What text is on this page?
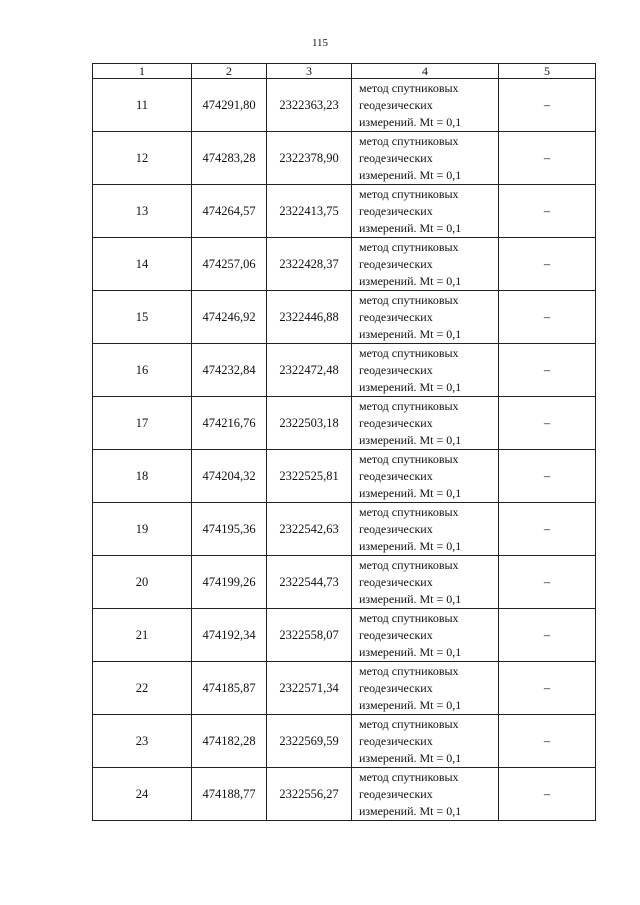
115
1	2	3	4	5
11	474291,80	2322363,23	метод спутниковых
геодезических
измерений. Mt = 0,1	–
12	474283,28	2322378,90	метод спутниковых
геодезических
измерений. Mt = 0,1	–
13	474264,57	2322413,75	метод спутниковых
геодезических
измерений. Mt = 0,1	–
14	474257,06	2322428,37	метод спутниковых
геодезических
измерений. Mt = 0,1	–
15	474246,92	2322446,88	метод спутниковых
геодезических
измерений. Mt = 0,1	–
16	474232,84	2322472,48	метод спутниковых
геодезических
измерений. Mt = 0,1	–
17	474216,76	2322503,18	метод спутниковых
геодезических
измерений. Mt = 0,1	–
18	474204,32	2322525,81	метод спутниковых
геодезических
измерений. Mt = 0,1	–
19	474195,36	2322542,63	метод спутниковых
геодезических
измерений. Mt = 0,1	–
20	474199,26	2322544,73	метод спутниковых
геодезических
измерений. Mt = 0,1	–
21	474192,34	2322558,07	метод спутниковых
геодезических
измерений. Mt = 0,1	–
22	474185,87	2322571,34	метод спутниковых
геодезических
измерений. Mt = 0,1	–
23	474182,28	2322569,59	метод спутниковых
геодезических
измерений. Mt = 0,1	–
24	474188,77	2322556,27	метод спутниковых
геодезических
измерений. Mt = 0,1	–
